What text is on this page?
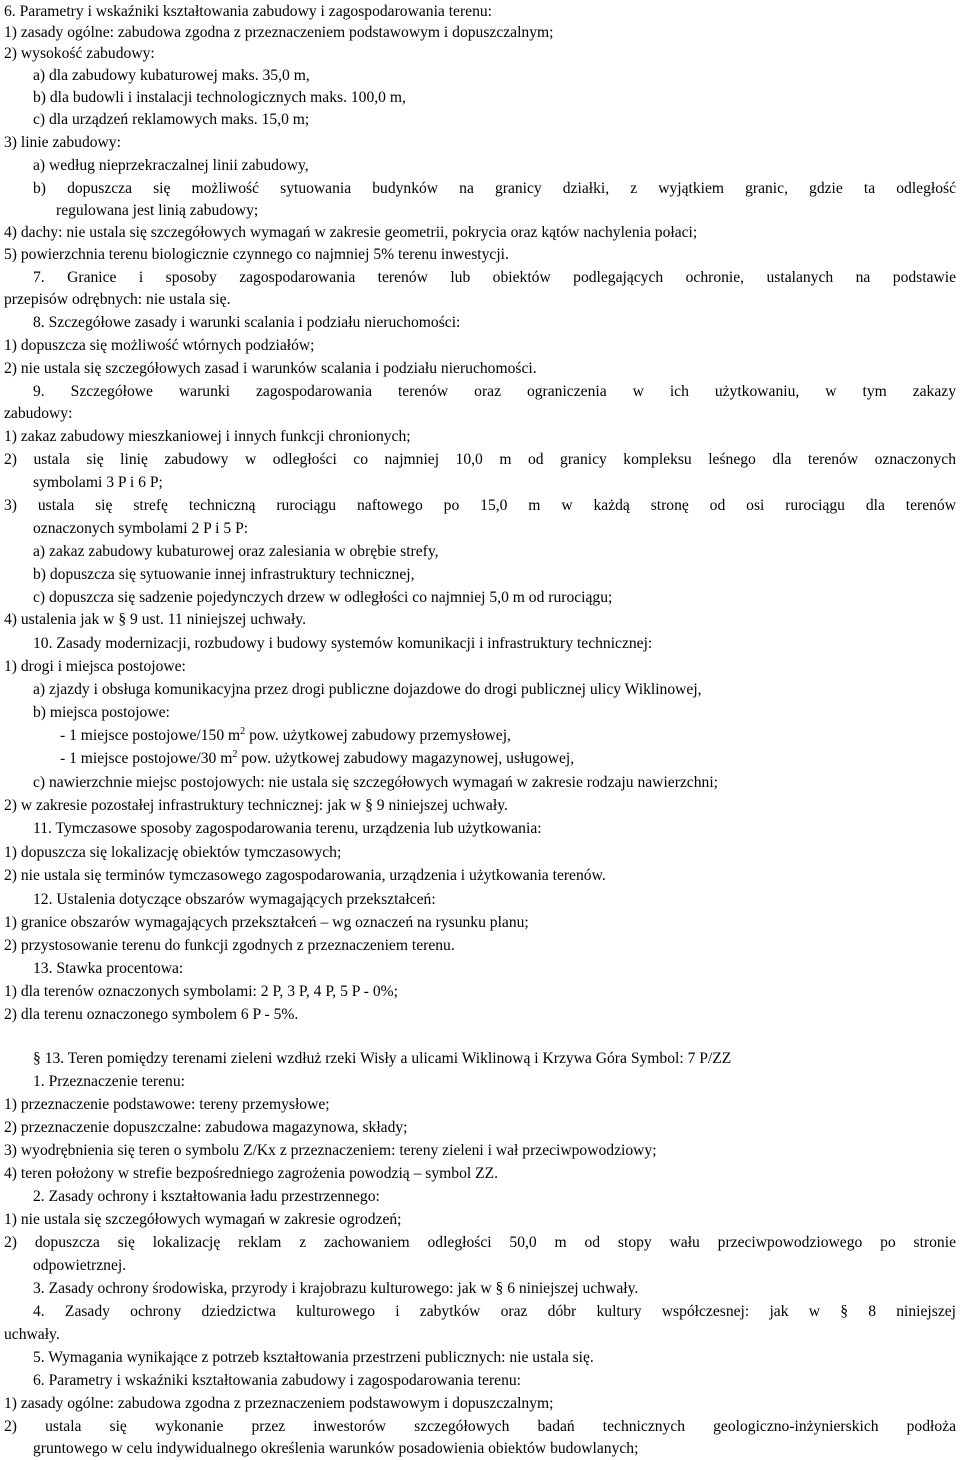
6. Parametry i wskaźniki kształtowania zabudowy i zagospodarowania terenu:
1) zasady ogólne: zabudowa zgodna z przeznaczeniem podstawowym i dopuszczalnym;
2) wysokość zabudowy:
a) dla zabudowy kubaturowej maks. 35,0 m,
b) dla budowli i instalacji technologicznych maks. 100,0 m,
c) dla urządzeń reklamowych maks. 15,0 m;
3) linie zabudowy:
a) według nieprzekraczalnej linii zabudowy,
b) dopuszcza się możliwość sytuowania budynków na granicy działki, z wyjątkiem granic, gdzie ta odległość
regulowana jest linią zabudowy;
4) dachy: nie ustala się szczegółowych wymagań w zakresie geometrii, pokrycia oraz kątów nachylenia połaci;
5) powierzchnia terenu biologicznie czynnego co najmniej 5% terenu inwestycji.
7. Granice i sposoby zagospodarowania terenów lub obiektów podlegających ochronie, ustalanych na podstawie
przepisów odrębnych: nie ustala się.
8. Szczegółowe zasady i warunki scalania i podziału nieruchomości:
1) dopuszcza się możliwość wtórnych podziałów;
2) nie ustala się szczegółowych zasad i warunków scalania i podziału nieruchomości.
9. Szczegółowe warunki zagospodarowania terenów oraz ograniczenia w ich użytkowaniu, w tym zakazy
zabudowy:
1) zakaz zabudowy mieszkaniowej i innych funkcji chronionych;
2) ustala się linię zabudowy w odległości co najmniej 10,0 m od granicy kompleksu leśnego dla terenów oznaczonych
symbolami 3 P i 6 P;
3) ustala się strefę techniczną rurociągu naftowego po 15,0 m w każdą stronę od osi rurociągu dla terenów
oznaczonych symbolami 2 P i 5 P:
a) zakaz zabudowy kubaturowej oraz zalesiania w obrębie strefy,
b) dopuszcza się sytuowanie innej infrastruktury technicznej,
c) dopuszcza się sadzenie pojedynczych drzew w odległości co najmniej 5,0 m od rurociągu;
4) ustalenia jak w § 9 ust. 11 niniejszej uchwały.
10. Zasady modernizacji, rozbudowy i budowy systemów komunikacji i infrastruktury technicznej:
1) drogi i miejsca postojowe:
a) zjazdy i obsługa komunikacyjna przez drogi publiczne dojazdowe do drogi publicznej ulicy Wiklinowej,
b) miejsca postojowe:
- 1 miejsce postojowe/150 $m^2$ pow. użytkowej zabudowy przemysłowej,
- 1 miejsce postojowe/30 $m^2$ pow. użytkowej zabudowy magazynowej, usługowej,
c) nawierzchnie miejsc postojowych: nie ustala się szczegółowych wymagań w zakresie rodzaju nawierzchni;
2) w zakresie pozostałej infrastruktury technicznej: jak w § 9 niniejszej uchwały.
11. Tymczasowe sposoby zagospodarowania terenu, urządzenia lub użytkowania:
1) dopuszcza się lokalizację obiektów tymczasowych;
2) nie ustala się terminów tymczasowego zagospodarowania, urządzenia i użytkowania terenów.
12. Ustalenia dotyczące obszarów wymagających przekształceń:
1) granice obszarów wymagających przekształceń – wg oznaczeń na rysunku planu;
2) przystosowanie terenu do funkcji zgodnych z przeznaczeniem terenu.
13. Stawka procentowa:
1) dla terenów oznaczonych symbolami: 2 P, 3 P, 4 P, 5 P - 0%;
2) dla terenu oznaczonego symbolem 6 P - 5%.
§ 13. Teren pomiędzy terenami zieleni wzdłuż rzeki Wisły a ulicami Wiklinową i Krzywa Góra Symbol: 7 P/ZZ
1. Przeznaczenie terenu:
1) przeznaczenie podstawowe: tereny przemysłowe;
2) przeznaczenie dopuszczalne: zabudowa magazynowa, składy;
3) wyodrębnienia się teren o symbolu Z/Kx z przeznaczeniem: tereny zieleni i wał przeciwpowodziowy;
4) teren położony w strefie bezpośredniego zagrożenia powodzią – symbol ZZ.
2. Zasady ochrony i kształtowania ładu przestrzennego:
1) nie ustala się szczegółowych wymagań w zakresie ogrodzeń;
2) dopuszcza się lokalizację reklam z zachowaniem odległości 50,0 m od stopy wału przeciwpowodziowego po stronie
odpowietrznej.
3. Zasady ochrony środowiska, przyrody i krajobrazu kulturowego: jak w § 6 niniejszej uchwały.
4. Zasady ochrony dziedzictwa kulturowego i zabytków oraz dóbr kultury współczesnej: jak w § 8 niniejszej
uchwały.
5. Wymagania wynikające z potrzeb kształtowania przestrzeni publicznych: nie ustala się.
6. Parametry i wskaźniki kształtowania zabudowy i zagospodarowania terenu:
1) zasady ogólne: zabudowa zgodna z przeznaczeniem podstawowym i dopuszczalnym;
2) ustala się wykonanie przez inwestorów szczegółowych badań technicznych geologiczno-inżynierskich podłoża
gruntowego w celu indywidualnego określenia warunków posadowienia obiektów budowlanych;
